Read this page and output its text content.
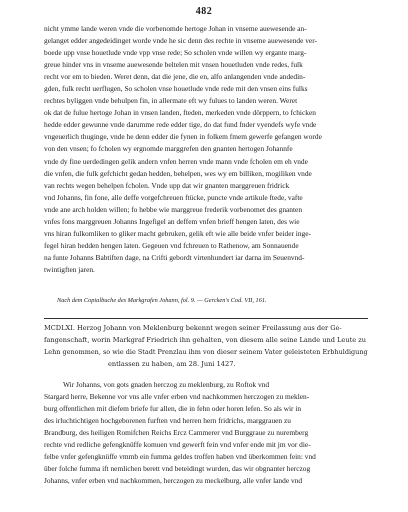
482
nicht ymme lande weren vnde die vorbenomde hertoge Johan in vnseme auewesende an-
gelanget edder angedeidinget worde vnde he sic denn des rechte in vnseme auewesende ver-
boede upp vnse houetlude vnde vpp vnse rede; So scholen vnde willen wy ergante marg-
greue hinder vns in vnseme auewesende beltelen mit vnsen houetluden vnde redes, fulk
recht vor em to bieden. Weret denn, dat die jene, die en, alfo anlangenden vnde andedin-
gden, fulk recht uerflugen, So scholen vnse houetlude vnde rede mit den vnsen eins fulks
rechtes byliggen vnde behulpen fin, in allermate eft wy fulues to landen weren. Weret
ok dat de fulue hertoge Johan in vnsen landen, fteden, merkeden vnde dörppern, to fchicken
hedde edder gewunne vnde darumme rede edder tige, do dat fund fnder vyendefs wyfe vnde
vngeuerlich thuginge, vnde he denn edder die fynen in folkem fmem gewerfe gefangen worde
von den vnsen; fo fcholen wy ergnomde marggrefen den gnanten hertogen Johannfe
vnde dy fine uerdedingen gelik andern vnfen herren vnde mann vnde fcholen em eh vnde
die vnfen, die fulk gefchicht gedan hedden, behelpen, wes wy em billiken, mogiliken vnde
van rechts wegen behelpen fcholen. Vnde upp dat wir gnanten marggreuen fridrick
vnd Johanns, fin fone, alle deffe vorgefchreuen ftücke, puncte vnde artikule ftede, vafte
vnde ane arch holden willen; fo hebbe wie marggreue frederik vorbenomet des gnanten
vnfes fons marggreuen Johanns Ingefigel an deffem vnfen brieff hengen laten, des wie
vns hiran fulkomliken to gliker macht gebruken, gelik eft wie alle beide vnfer beider inge-
fegel hiran hedden hengen laten. Gegeuen vnd fchreuen to Rathenow, am Sonnauende
na funte Johanns Babtiften dage, na Crifti gebordt virtenhundert iar darna im Seuenvnd-
twintigften jaren.
Nach dem Copialbuche des Markgrafen Johann, fol. 9. — Gercken's Cod. VII, 161.
MCDLXI. Herzog Johann von Meklenburg bekennt wegen seiner Freilassung aus der Ge-
fangenschaft, worin Markgraf Friedrich ihn gehalten, von diesem alle seine Lande und Leute zu
Lehn genommen, so wie die Stadt Prenzlau ihm von dieser seinem Vater geleisteten Erbhuldigung
entlassen zu haben, am 28. Juni 1427.
Wir Johanns, von gots gnaden herczog zu meklenburg, zu Roftok vnd
Stargard herre, Bekenne vor vns alle vnfer erben vnd nachkommen herczogen zu meklen-
burg offentlichen mit diefem briefe fur allen, die in fehn oder horen lefen. So als wir in
des irluchtichtigen hochgeborenen furften vnd herren hern fridrichs, marggrauen zu
Brandburg, des heiligen Romifchen Reichs Ercz Cammerer vnd Burggraue zu nuremberg
rechte vnd redliche gefengknüffe komuen vnd gewerft fein vnd vnfer ende mit jm vor die-
felbe vnfer gefengknüffe vmmb ein fumma geldes troffen haben vnd überkommen fein: vnd
über folche fumma ift nemlichen berett vnd beteidingt wurden, das wir obgnanter herczog
Johanns, vnfer erben vnd nachkommen, herczogen zu meckelburg, alle vnfer lande vnd
